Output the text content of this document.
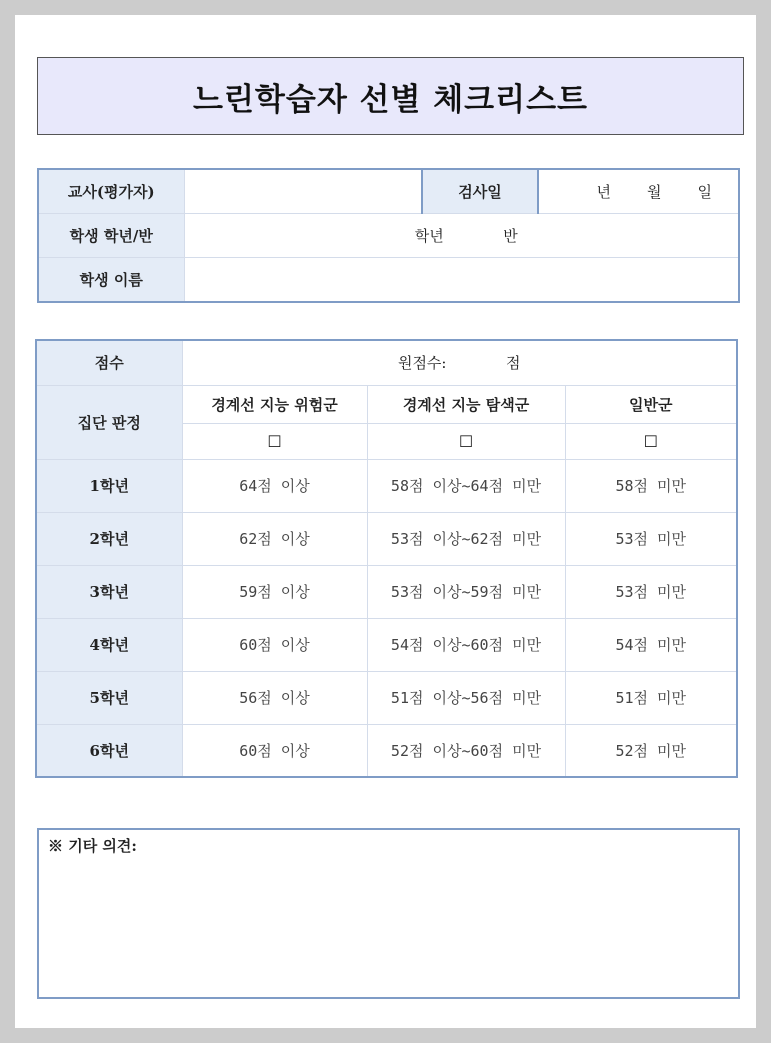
느린학습자 선별 체크리스트
교사(평가자)		검사일	년 월 일

학생 학년/반	학년 반		
학생 이름			
점수	원점수: 점		
집단 판정	경계선 지능 위험군	경계선 지능 탐색군	일반군
	☐	☐	☐
1학년	64점 이상	58점 이상~64점 미만	58점 미만
2학년	62점 이상	53점 이상~62점 미만	53점 미만
3학년	59점 이상	53점 이상~59점 미만	53점 미만
4학년	60점 이상	54점 이상~60점 미만	54점 미만
5학년	56점 이상	51점 이상~56점 미만	51점 미만
6학년	60점 이상	52점 이상~60점 미만	52점 미만
※ 기타 의견:
